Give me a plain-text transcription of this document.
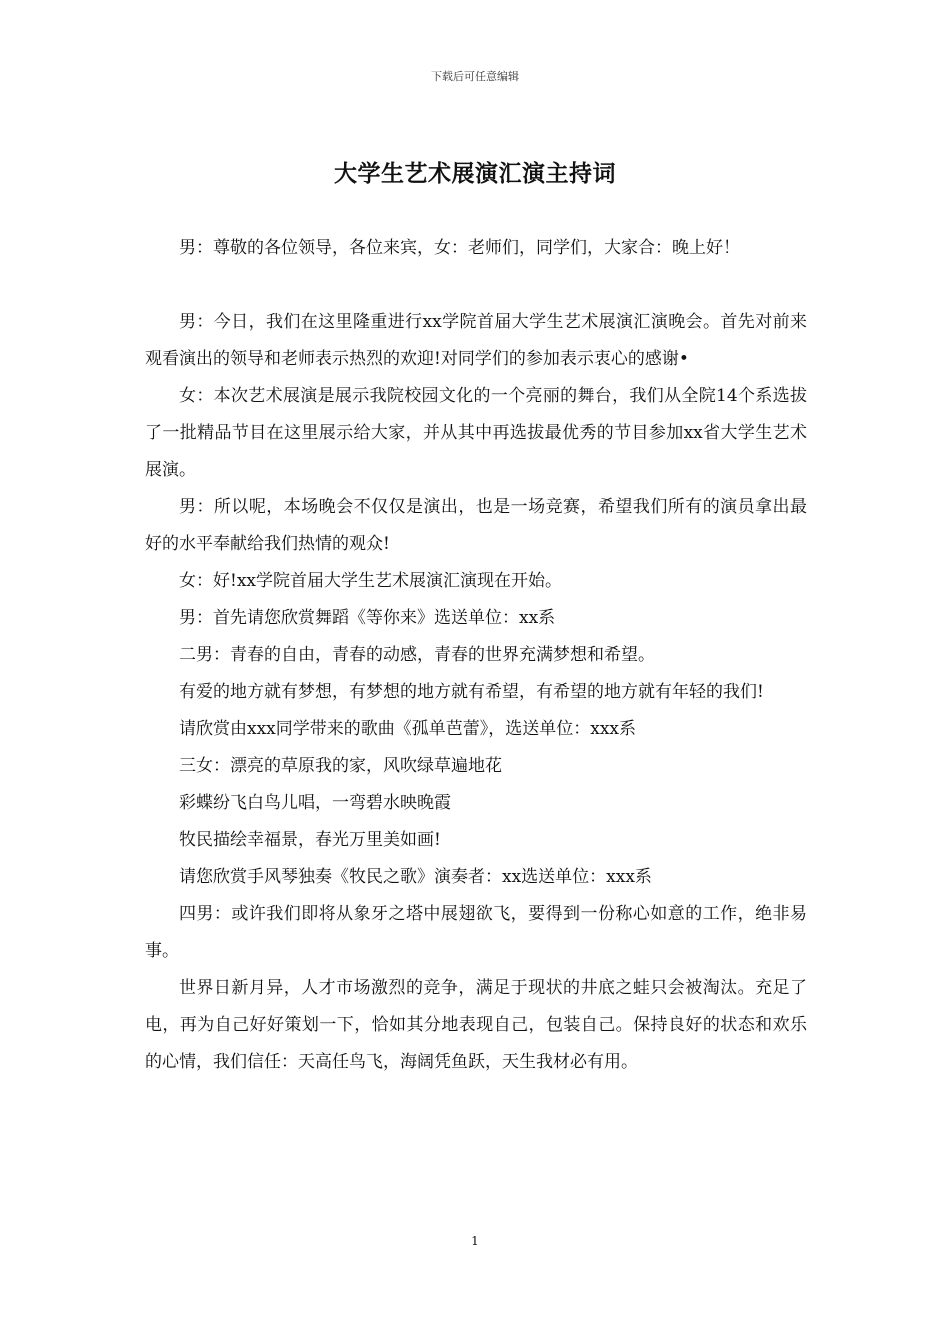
下载后可任意编辑
大学生艺术展演汇演主持词

男：尊敬的各位领导，各位来宾，女：老师们，同学们，大家合：晚上好！

男：今日，我们在这里隆重进行xx学院首届大学生艺术展演汇演晚会。首先对前来观看演出的领导和老师表示热烈的欢迎!对同学们的参加表示衷心的感谢•

女：本次艺术展演是展示我院校园文化的一个亮丽的舞台，我们从全院14个系选拔了一批精品节目在这里展示给大家，并从其中再选拔最优秀的节目参加xx省大学生艺术展演。

男：所以呢，本场晚会不仅仅是演出，也是一场竞赛，希望我们所有的演员拿出最好的水平奉献给我们热情的观众!

女：好!xx学院首届大学生艺术展演汇演现在开始。

男：首先请您欣赏舞蹈《等你来》选送单位：xx系

二男：青春的自由，青春的动感，青春的世界充满梦想和希望。

有爱的地方就有梦想，有梦想的地方就有希望，有希望的地方就有年轻的我们!

请欣赏由xxx同学带来的歌曲《孤单芭蕾》，选送单位：xxx系

三女：漂亮的草原我的家，风吹绿草遍地花

彩蝶纷飞白鸟儿唱，一弯碧水映晚霞

牧民描绘幸福景，春光万里美如画!

请您欣赏手风琴独奏《牧民之歌》演奏者：xx选送单位：xxx系

四男：或许我们即将从象牙之塔中展翅欲飞，要得到一份称心如意的工作，绝非易事。

世界日新月异，人才市场激烈的竞争，满足于现状的井底之蛙只会被淘汰。充足了电，再为自己好好策划一下，恰如其分地表现自己，包装自己。保持良好的状态和欢乐的心情，我们信任：天高任鸟飞，海阔凭鱼跃，天生我材必有用。

1
